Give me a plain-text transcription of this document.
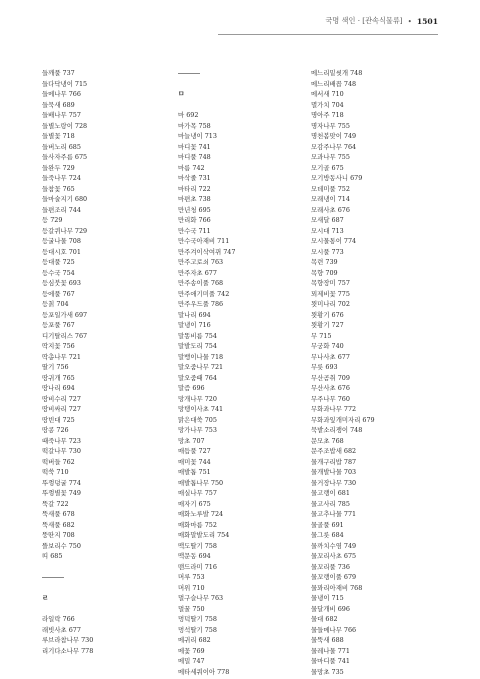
국명 색인 · [관속식물류] • 1501
들깨풀 737
들다닥냉이 715
들메나무 766
들묵새 689
들배나무 757
들별노랑이 728
들별꽃 718
들버노리 685
들사자주름 675
들완두 729
들죽나무 724
들참꽃 765
들마술지기 680
들편조리 744
등 729
등갈퀴나무 729
등굴나물 708
등대시호 701
등대풀 725
등수국 754
등심붓꽃 693
등에풀 767
등칡 704
등포일가새 697
등포풀 767
디기탈리스 767
딱지꽃 756
딱총나무 721
딸기 756
땅귀개 765
땅나리 694
땅비수리 727
땅비싸리 727
땅빈대 725
땅콩 726
때죽나무 723
떡갈나무 730
떡버들 762
떡쑥 710
뚜껑덩굴 774
뚜껑별꽃 749
뚝갈 722
뚝새풀 678
뚝새풀 682
뚱딴지 708
뜰보리수 750
띠 685
ㄹ
라일락 766
래빗사초 677
루브라참나무 730
리기다소나무 778
ㅁ
마 692
마가목 758
마늘냉이 713
마디꽃 741
마디풀 748
마름 742
마삭줄 731
마타리 722
마편초 738
만년청 695
만리화 766
만수국 711
만수국아재비 711
만주겨이삭여뀌 747
만주고로쇠 763
만주자초 677
만주송이풀 768
만주애기미풀 742
만주우드풀 786
말나리 694
말냉이 716
말똥비름 754
말발도리 754
말뱅이나물 718
말오줌나무 721
말오줌때 764
말즘 696
망개나무 720
망탱이사초 741
맑은대쑥 705
망가나무 753
망초 707
매듭풀 727
매미꽃 744
매발톱 751
매발톱나무 750
매실나무 757
매자기 675
매화노루발 724
매화마름 752
매화말발도리 754
맥도딸기 758
맥문동 694
맨드라미 716
머루 753
머위 710
멀구슬나무 763
멀꿀 750
멍덕딸기 758
멍석딸기 758
메귀리 682
메꽃 769
메밀 747
메타세쿼이아 778
메느리밑씻개 748
메느리배꼽 748
메서새 710
멸가치 704
명아주 718
명자나무 755
명천봄맞이 749
모감주나무 764
모과나무 755
모기골 675
모기방동사니 679
모데미풀 752
모래냉이 714
모래사초 676
모새달 687
모시대 713
모시물통이 774
모시풀 773
목련 739
목향 709
목향장미 757
뫼제비꽃 775
묏미나리 702
묏황기 676
묏황기 727
무 715
무궁화 740
무나사초 677
무릇 693
무산곰취 709
무산사초 676
무주나무 760
무화과나무 772
무화과잎개미자리 679
묵밭소리쟁이 748
문모초 768
문주조밥새 682
물개구리밥 787
물개발나물 703
물거장나무 730
물고랭이 681
물고사리 785
물고추나물 771
물골풀 691
물그릇 684
물까치수염 749
물꼬리사초 675
물꼬리풀 736
물꼬랭이풀 679
물꽈리아재비 768
물냉이 715
물달개비 696
물대 682
물들메나무 766
물뚝새 688
물레나물 771
물마디풀 741
물망초 735
